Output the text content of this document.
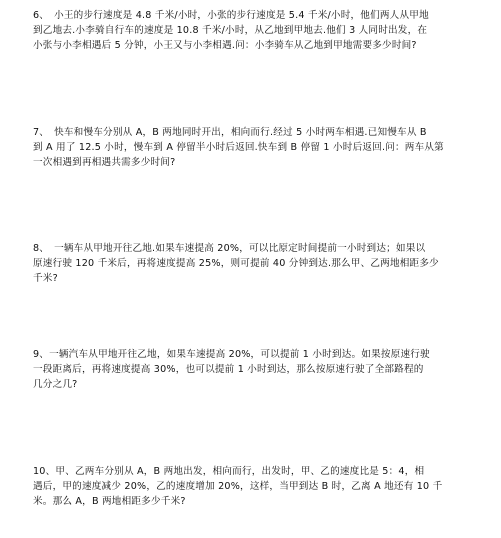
6、　小王的步行速度是 4.8 千米/小时，小张的步行速度是 5.4 千米/小时，他们两人从甲地
到乙地去.小李骑自行车的速度是 10.8 千米/小时，从乙地到甲地去.他们 3 人同时出发，在
小张与小李相遇后 5 分钟，小王又与小李相遇.问：小李骑车从乙地到甲地需要多少时间?
7、　快车和慢车分别从 A，B 两地同时开出，相向而行.经过 5 小时两车相遇.已知慢车从 B
到 A 用了 12.5 小时，慢车到 A 停留半小时后返回.快车到 B 停留 1 小时后返回.问：两车从第
一次相遇到再相遇共需多少时间?
8、　一辆车从甲地开往乙地.如果车速提高 20%，可以比原定时间提前一小时到达；如果以
原速行驶 120 千米后，再将速度提高 25%，则可提前 40 分钟到达.那么甲、乙两地相距多少
千米?
9、一辆汽车从甲地开往乙地，如果车速提高 20%，可以提前 1 小时到达。如果按原速行驶
一段距离后，再将速度提高 30%，也可以提前 1 小时到达，那么按原速行驶了全部路程的
几分之几?
10、甲、乙两车分别从 A，B 两地出发，相向而行，出发时，甲、乙的速度比是 5：4，相
遇后，甲的速度减少 20%，乙的速度增加 20%，这样，当甲到达 B 时，乙离 A 地还有 10 千
米。那么 A，B 两地相距多少千米?
